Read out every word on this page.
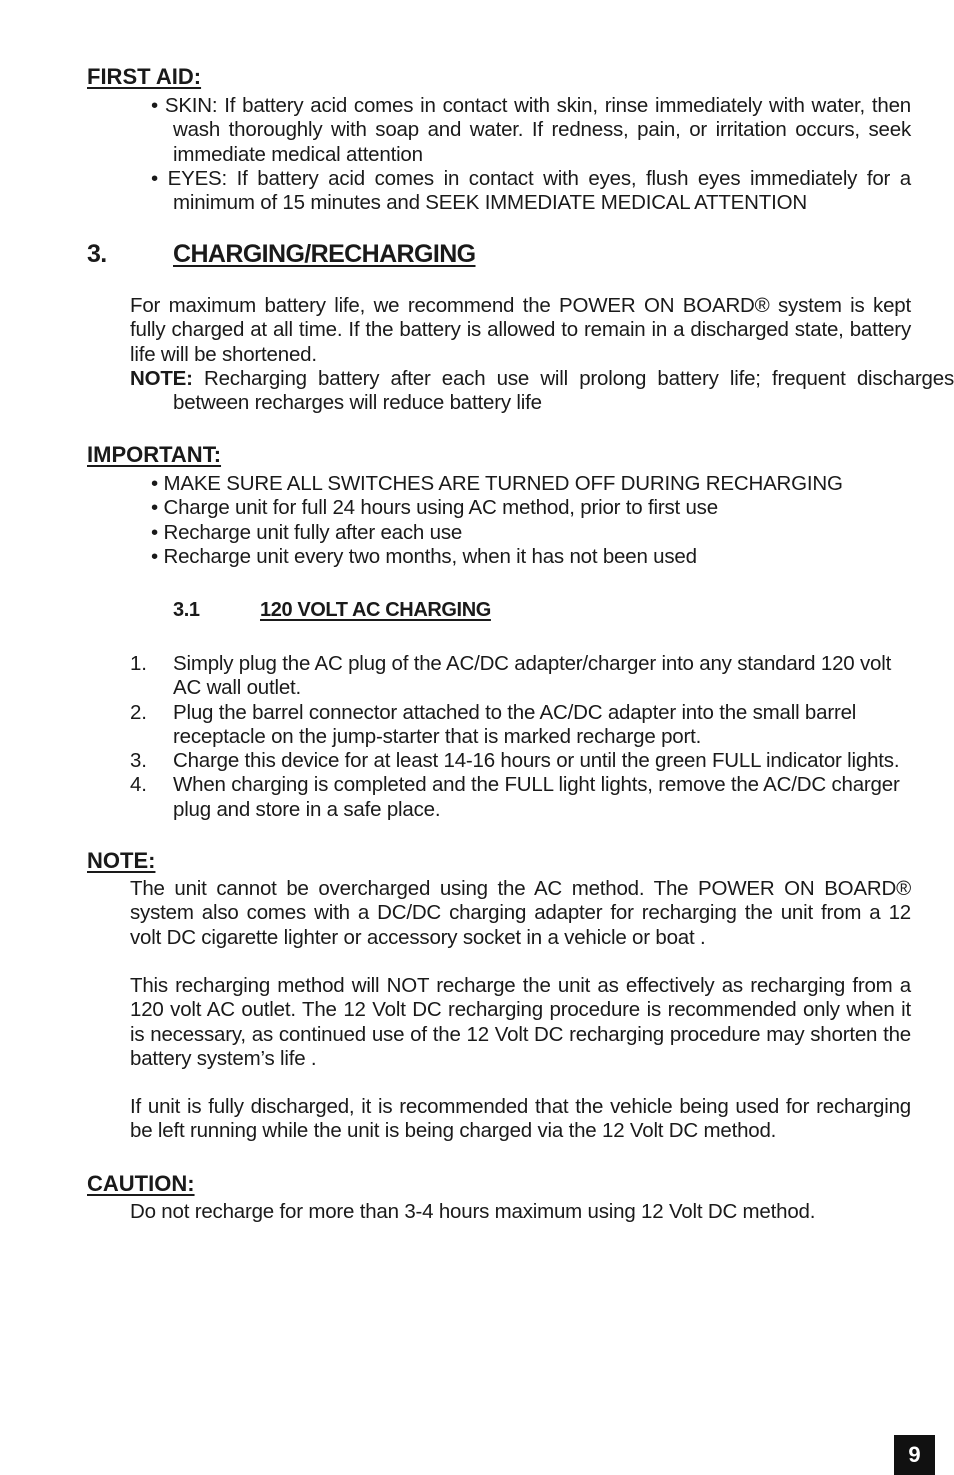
FIRST AID:
• SKIN: If battery acid comes in contact with skin, rinse immediately with water, then wash thoroughly with soap and water. If redness, pain, or irritation occurs, seek immediate medical attention
• EYES: If battery acid comes in contact with eyes, flush eyes immediately for a minimum of 15 minutes and SEEK IMMEDIATE MEDICAL ATTENTION
3.	CHARGING/RECHARGING

For maximum battery life, we recommend the POWER ON BOARD® system is kept fully charged at all time. If the battery is allowed to remain in a discharged state, battery life will be shortened.

NOTE: Recharging battery after each use will prolong battery life; frequent discharges between recharges will reduce battery life

IMPORTANT:
• MAKE SURE ALL SWITCHES ARE TURNED OFF DURING RECHARGING
• Charge unit for full 24 hours using AC method, prior to first use
• Recharge unit fully after each use
• Recharge unit every two months, when it has not been used
3.1	120 VOLT AC CHARGING
1. Simply plug the AC plug of the AC/DC adapter/charger into any standard 120 volt AC wall outlet.
2. Plug the barrel connector attached to the AC/DC adapter into the small barrel receptacle on the jump-starter that is marked recharge port.
3. Charge this device for at least 14-16 hours or until the green FULL indicator lights.
4. When charging is completed and the FULL light lights, remove the AC/DC charger plug and store in a safe place.
NOTE:

The unit cannot be overcharged using the AC method. The POWER ON BOARD® system also comes with a DC/DC charging adapter for recharging the unit from a 12 volt DC cigarette lighter or accessory socket in a vehicle or boat .

This recharging method will NOT recharge the unit as effectively as recharging from a 120 volt AC outlet. The 12 Volt DC recharging procedure is recommended only when it is necessary, as continued use of the 12 Volt DC recharging procedure may shorten the battery system’s life .

If unit is fully discharged, it is recommended that the vehicle being used for recharging be left running while the unit is being charged via the 12 Volt DC method.

CAUTION:

Do not recharge for more than 3-4 hours maximum using 12 Volt DC method.

9
